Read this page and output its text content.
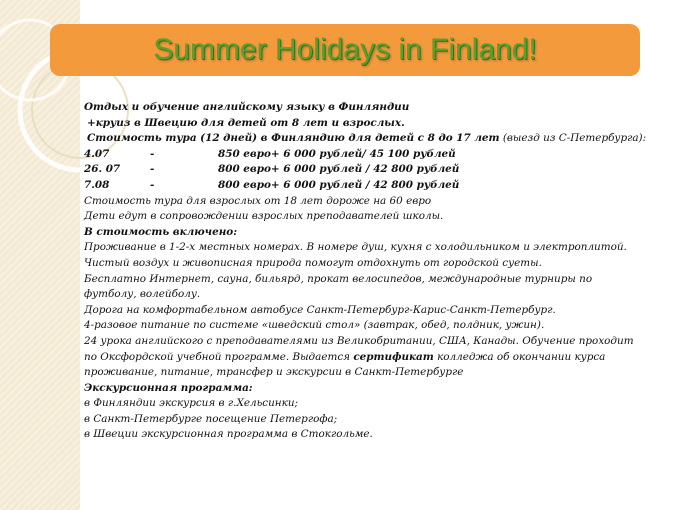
Summer Holidays in Finland!
Отдых и обучение английскому языку в Финляндии
+круиз в Швецию для детей от 8 лет и взрослых.
Стоимость тура (12 дней) в Финляндию для детей с 8 до 17 лет (выезд из С-Петербурга):
4.07	-	850 евро+ 6 000 рублей/ 45 100 рублей
26. 07	-	800 евро+ 6 000 рублей / 42 800 рублей
7.08	-	800 евро+ 6 000 рублей / 42 800 рублей
Стоимость тура для взрослых от 18 лет дороже на 60 евро
Дети едут в сопровождении взрослых преподавателей школы.
В стоимость включено:
Проживание в 1-2-х местных номерах. В номере душ, кухня с холодильником и электроплитой.
Чистый воздух и живописная природа помогут отдохнуть от городской суеты.
Бесплатно Интернет, сауна, бильярд, прокат велосипедов, международные турниры по
футболу, волейболу.
Дорога на комфортабельном автобусе Санкт-Петербург-Карис-Санкт-Петербург.
4-разовое питание по системе «шведский стол» (завтрак, обед, полдник, ужин).
24 урока английского с преподавателями из Великобритании, США, Канады. Обучение проходит
по Оксфордской учебной программе. Выдается сертификат колледжа об окончании курса
проживание, питание, трансфер и экскурсии в Санкт-Петербурге
Экскурсионная программа:
в Финляндии экскурсия в г.Хельсинки;
в Санкт-Петербурге посещение Петергофа;
в Швеции экскурсионная программа в Стокгольме.
